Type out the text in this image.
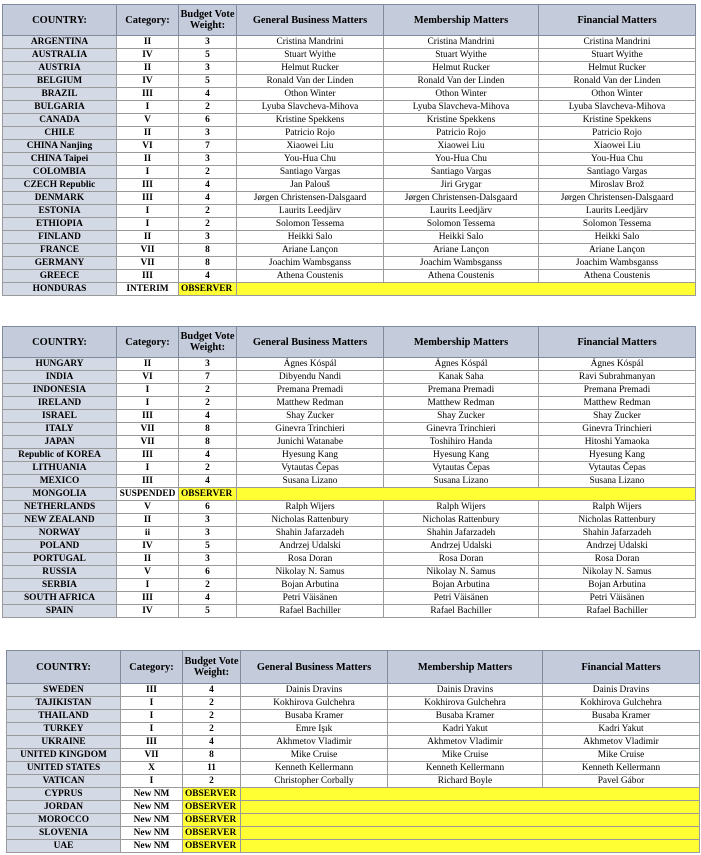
COUNTRY:	Category:	Budget Vote Weight:	General Business Matters	Membership Matters	Financial Matters
ARGENTINA	II	3	Cristina Mandrini	Cristina Mandrini	Cristina Mandrini
AUSTRALIA	IV	5	Stuart Wyithe	Stuart Wyithe	Stuart Wyithe
AUSTRIA	II	3	Helmut Rucker	Helmut Rucker	Helmut Rucker
BELGIUM	IV	5	Ronald Van der Linden	Ronald Van der Linden	Ronald Van der Linden
BRAZIL	III	4	Othon Winter	Othon Winter	Othon Winter
BULGARIA	I	2	Lyuba Slavcheva-Mihova	Lyuba Slavcheva-Mihova	Lyuba Slavcheva-Mihova
CANADA	V	6	Kristine Spekkens	Kristine Spekkens	Kristine Spekkens
CHILE	II	3	Patricio Rojo	Patricio Rojo	Patricio Rojo
CHINA Nanjing	VI	7	Xiaowei Liu	Xiaowei Liu	Xiaowei Liu
CHINA Taipei	II	3	You-Hua Chu	You-Hua Chu	You-Hua Chu
COLOMBIA	I	2	Santiago Vargas	Santiago Vargas	Santiago Vargas
CZECH Republic	III	4	Jan Palouš	Jiri Grygar	Miroslav Brož
DENMARK	III	4	Jørgen Christensen-Dalsgaard	Jørgen Christensen-Dalsgaard	Jørgen Christensen-Dalsgaard
ESTONIA	I	2	Laurits Leedjärv	Laurits Leedjärv	Laurits Leedjärv
ETHIOPIA	I	2	Solomon Tessema	Solomon Tessema	Solomon Tessema
FINLAND	II	3	Heikki Salo	Heikki Salo	Heikki Salo
FRANCE	VII	8	Ariane Lançon	Ariane Lançon	Ariane Lançon
GERMANY	VII	8	Joachim Wambsganss	Joachim Wambsganss	Joachim Wambsganss
GREECE	III	4	Athena Coustenis	Athena Coustenis	Athena Coustenis
HONDURAS	INTERIM	OBSERVER			
COUNTRY:	Category:	Budget Vote Weight:	General Business Matters	Membership Matters	Financial Matters
HUNGARY	II	3	Ágnes Kóspál	Ágnes Kóspál	Ágnes Kóspál
INDIA	VI	7	Dibyendu Nandi	Kanak Saha	Ravi Subrahmanyan
INDONESIA	I	2	Premana Premadi	Premana Premadi	Premana Premadi
IRELAND	I	2	Matthew Redman	Matthew Redman	Matthew Redman
ISRAEL	III	4	Shay Zucker	Shay Zucker	Shay Zucker
ITALY	VII	8	Ginevra Trinchieri	Ginevra Trinchieri	Ginevra Trinchieri
JAPAN	VII	8	Junichi Watanabe	Toshihiro Handa	Hitoshi Yamaoka
Republic of KOREA	III	4	Hyesung Kang	Hyesung Kang	Hyesung Kang
LITHUANIA	I	2	Vytautas Čepas	Vytautas Čepas	Vytautas Čepas
MEXICO	III	4	Susana Lizano	Susana Lizano	Susana Lizano
MONGOLIA	SUSPENDED	OBSERVER			
NETHERLANDS	V	6	Ralph Wijers	Ralph Wijers	Ralph Wijers
NEW ZEALAND	II	3	Nicholas Rattenbury	Nicholas Rattenbury	Nicholas Rattenbury
NORWAY	ii	3	Shahin Jafarzadeh	Shahin Jafarzadeh	Shahin Jafarzadeh
POLAND	IV	5	Andrzej Udalski	Andrzej Udalski	Andrzej Udalski
PORTUGAL	II	3	Rosa Doran	Rosa Doran	Rosa Doran
RUSSIA	V	6	Nikolay N. Samus	Nikolay N. Samus	Nikolay N. Samus
SERBIA	I	2	Bojan Arbutina	Bojan Arbutina	Bojan Arbutina
SOUTH AFRICA	III	4	Petri Väisänen	Petri Väisänen	Petri Väisänen
SPAIN	IV	5	Rafael Bachiller	Rafael Bachiller	Rafael Bachiller
COUNTRY:	Category:	Budget Vote Weight:	General Business Matters	Membership Matters	Financial Matters
SWEDEN	III	4	Dainis Dravins	Dainis Dravins	Dainis Dravins
TAJIKISTAN	I	2	Kokhirova Gulchehra	Kokhirova Gulchehra	Kokhirova Gulchehra
THAILAND	I	2	Busaba Kramer	Busaba Kramer	Busaba Kramer
TURKEY	I	2	Emre Işık	Kadri Yakut	Kadri Yakut
UKRAINE	III	4	Akhmetov Vladimir	Akhmetov Vladimir	Akhmetov Vladimir
UNITED KINGDOM	VII	8	Mike Cruise	Mike Cruise	Mike Cruise
UNITED STATES	X	11	Kenneth Kellermann	Kenneth Kellermann	Kenneth Kellermann
VATICAN	I	2	Christopher Corbally	Richard Boyle	Pavel Gábor
CYPRUS	New NM	OBSERVER			
JORDAN	New NM	OBSERVER			
MOROCCO	New NM	OBSERVER			
SLOVENIA	New NM	OBSERVER			
UAE	New NM	OBSERVER			
